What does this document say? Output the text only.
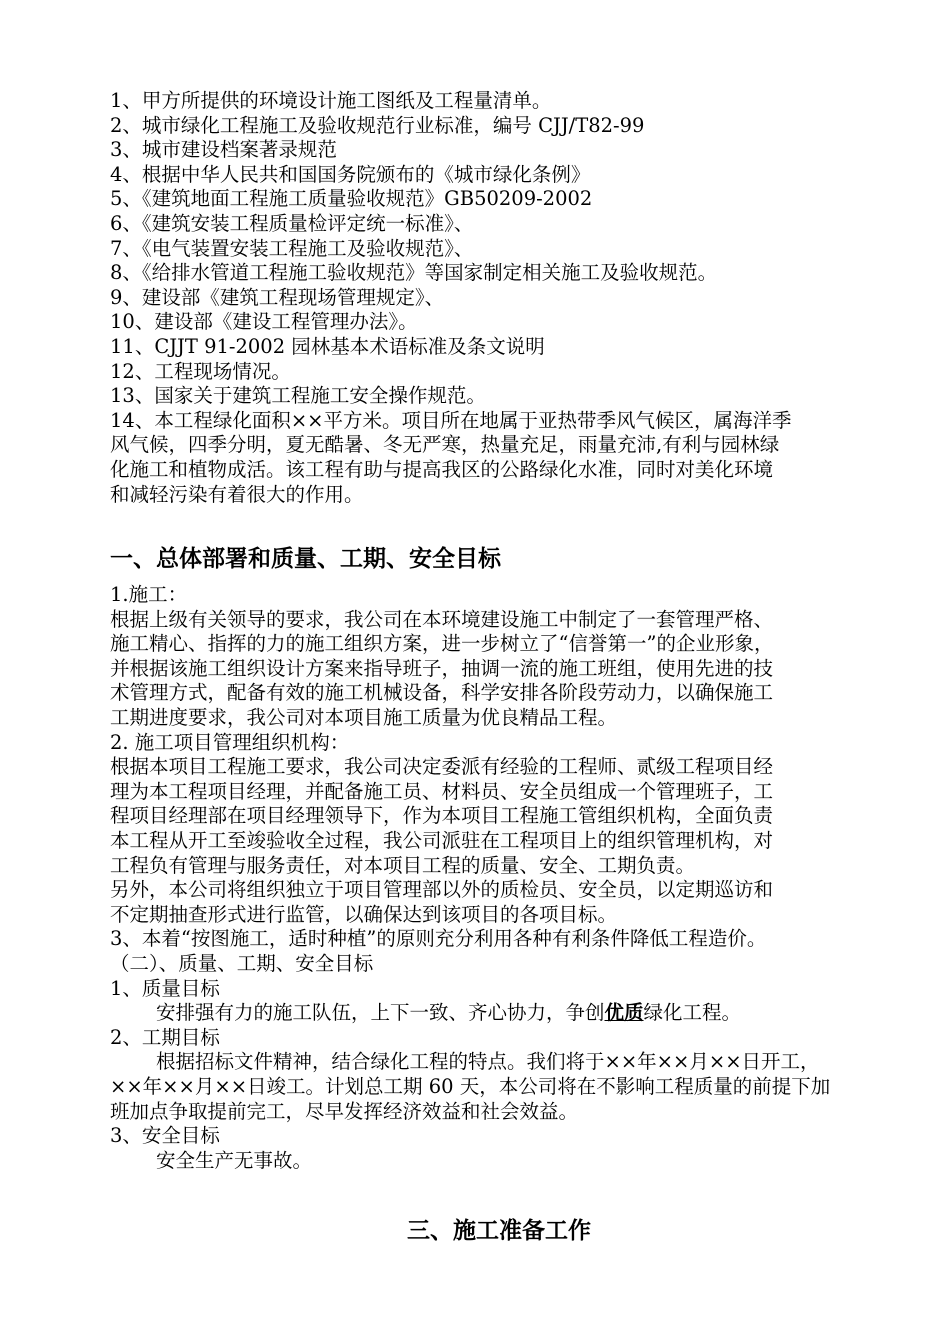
1、甲方所提供的环境设计施工图纸及工程量清单。
2、城市绿化工程施工及验收规范行业标准，编号 CJJ/T82-99
3、城市建设档案著录规范
4、根据中华人民共和国国务院颁布的《城市绿化条例》
5、《建筑地面工程施工质量验收规范》GB50209-2002
6、《建筑安装工程质量检评定统一标准》、
7、《电气装置安装工程施工及验收规范》、
8、《给排水管道工程施工验收规范》等国家制定相关施工及验收规范。
9、建设部《建筑工程现场管理规定》、
10、建设部《建设工程管理办法》。
11、CJJT 91-2002 园林基本术语标准及条文说明
12、工程现场情况。
13、国家关于建筑工程施工安全操作规范。
14、本工程绿化面积××平方米。项目所在地属于亚热带季风气候区，属海洋季
风气候，四季分明，夏无酷暑、冬无严寒，热量充足，雨量充沛,有利与园林绿
化施工和植物成活。该工程有助与提高我区的公路绿化水准，同时对美化环境
和减轻污染有着很大的作用。
一、总体部署和质量、工期、安全目标
1.施工：
根据上级有关领导的要求，我公司在本环境建设施工中制定了一套管理严格、
施工精心、指挥的力的施工组织方案，进一步树立了“信誉第一”的企业形象，
并根据该施工组织设计方案来指导班子，抽调一流的施工班组，使用先进的技
术管理方式，配备有效的施工机械设备，科学安排各阶段劳动力，以确保施工
工期进度要求，我公司对本项目施工质量为优良精品工程。
2. 施工项目管理组织机构：
根据本项目工程施工要求，我公司决定委派有经验的工程师、贰级工程项目经
理为本工程项目经理，并配备施工员、材料员、安全员组成一个管理班子，工
程项目经理部在项目经理领导下，作为本项目工程施工管组织机构，全面负责
本工程从开工至竣验收全过程，我公司派驻在工程项目上的组织管理机构，对
工程负有管理与服务责任，对本项目工程的质量、安全、工期负责。
另外，本公司将组织独立于项目管理部以外的质检员、安全员，以定期巡访和
不定期抽查形式进行监管，以确保达到该项目的各项目标。
3、本着“按图施工，适时种植”的原则充分利用各种有利条件降低工程造价。
（二）、质量、工期、安全目标
1、质量目标
安排强有力的施工队伍，上下一致、齐心协力，争创优质绿化工程。
2、工期目标
根据招标文件精神，结合绿化工程的特点。我们将于××年××月××日开工，
××年××月××日竣工。计划总工期 60 天，本公司将在不影响工程质量的前提下加
班加点争取提前完工，尽早发挥经济效益和社会效益。
3、安全目标
安全生产无事故。
三、施工准备工作
